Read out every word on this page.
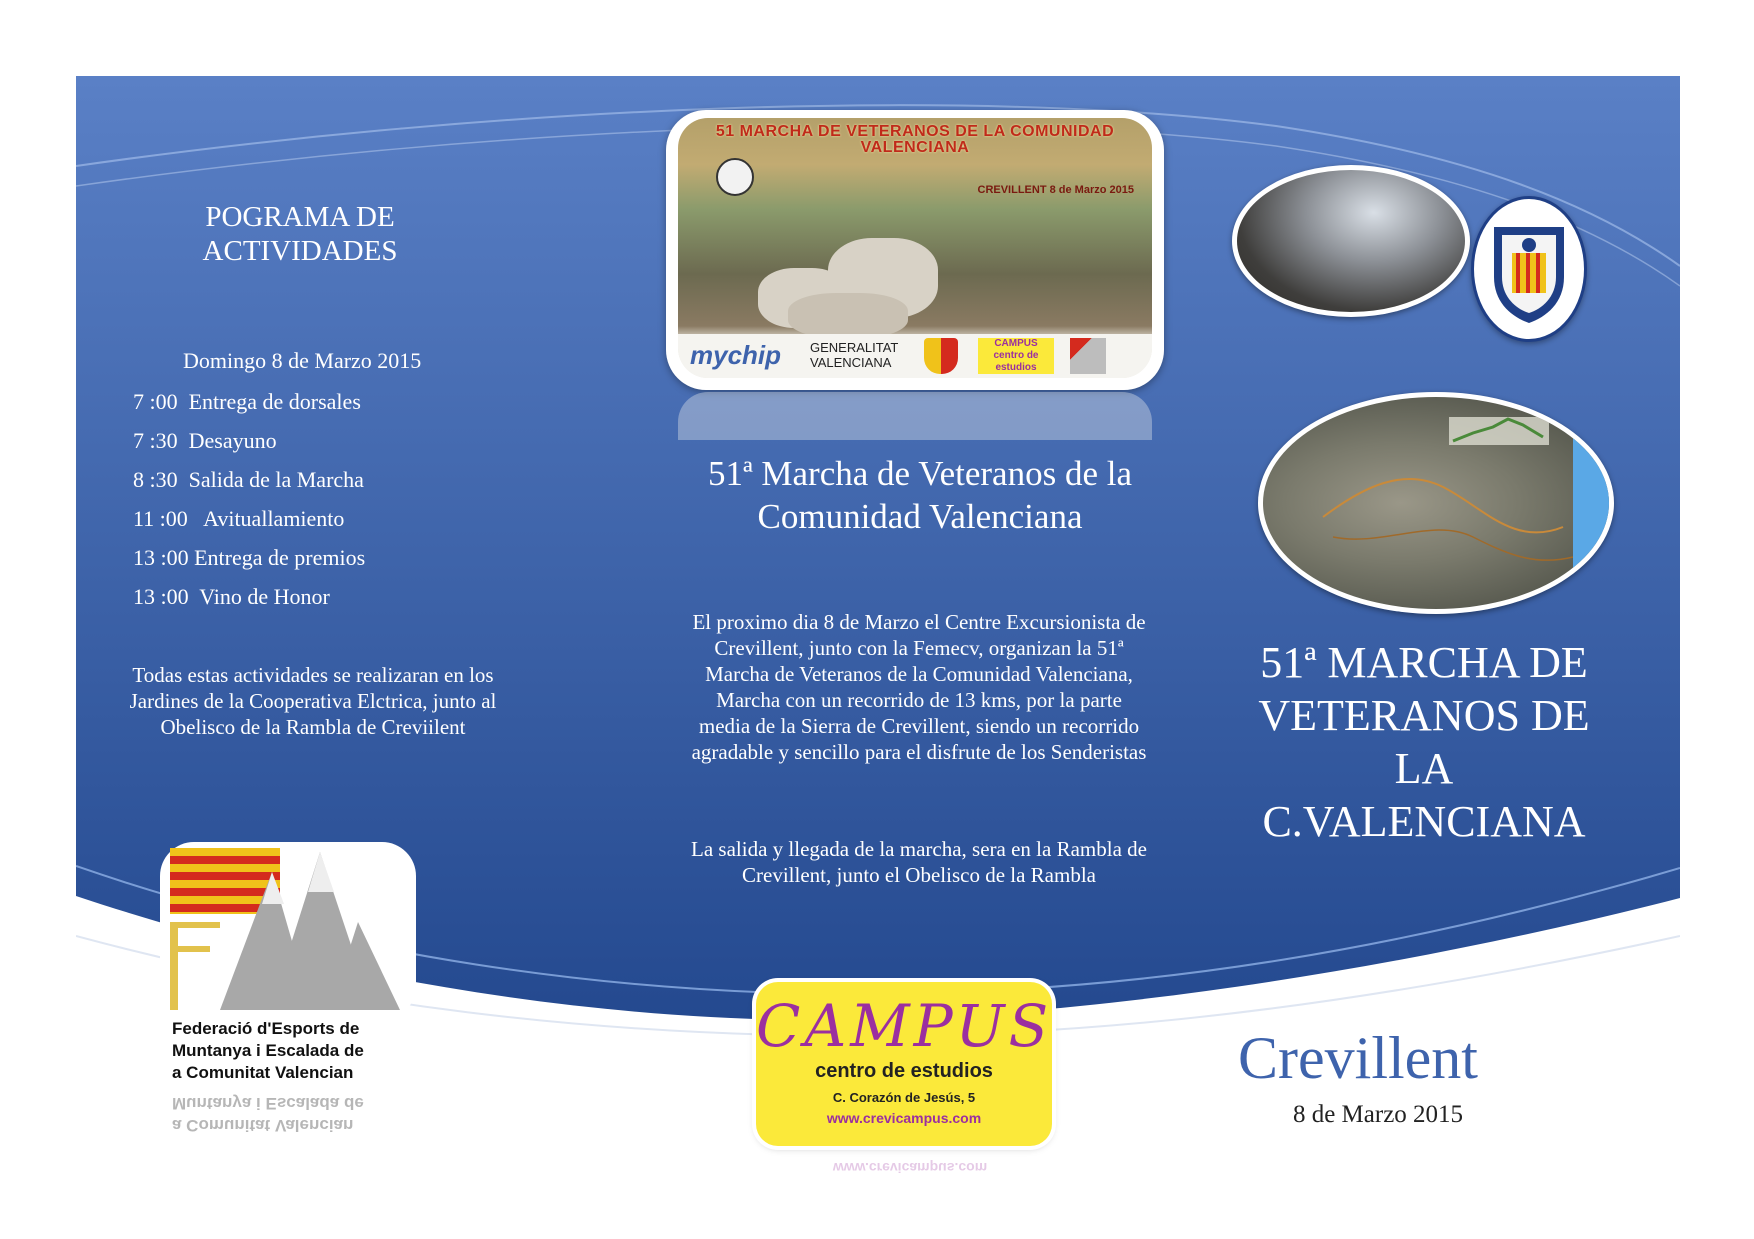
POGRAMA DE ACTIVIDADES
Domingo 8 de Marzo 2015
7 :00  Entrega de dorsales
7 :30  Desayuno
8 :30  Salida de la Marcha
11 :00   Avituallamiento
13 :00 Entrega de premios
13 :00  Vino de Honor
Todas estas actividades se realizaran en los Jardines de la Cooperativa Elctrica, junto al Obelisco de la Rambla de Creviilent
Federació d'Esports de
Muntanya i Escalada de
a Comunitat Valencian
a Comunitat Valencian
Muntanya i Escalada de
51 MARCHA DE VETERANOS DE LA COMUNIDAD VALENCIANA
CREVILLENT 8 de Marzo 2015
mychip GENERALITAT VALENCIANA
CAMPUS centro de estudios
51ª Marcha de Veteranos de la Comunidad Valenciana
El proximo dia 8 de Marzo el Centre Excursionista de Crevillent, junto con la Femecv, organizan la 51ª Marcha de Veteranos de la Comunidad Valenciana, Marcha con un recorrido de 13 kms, por la parte media de la Sierra de Crevillent, siendo un recorrido agradable y sencillo para el disfrute de los Senderistas
La salida y llegada de la marcha, sera en la Rambla de Crevillent, junto el Obelisco de la Rambla
CAMPUS
centro de estudios
C. Corazón de Jesús, 5
www.crevicampus.com
www.crevicampus.com
51ª MARCHA DE
VETERANOS DE
LA
C.VALENCIANA
Crevillent
8 de Marzo 2015
